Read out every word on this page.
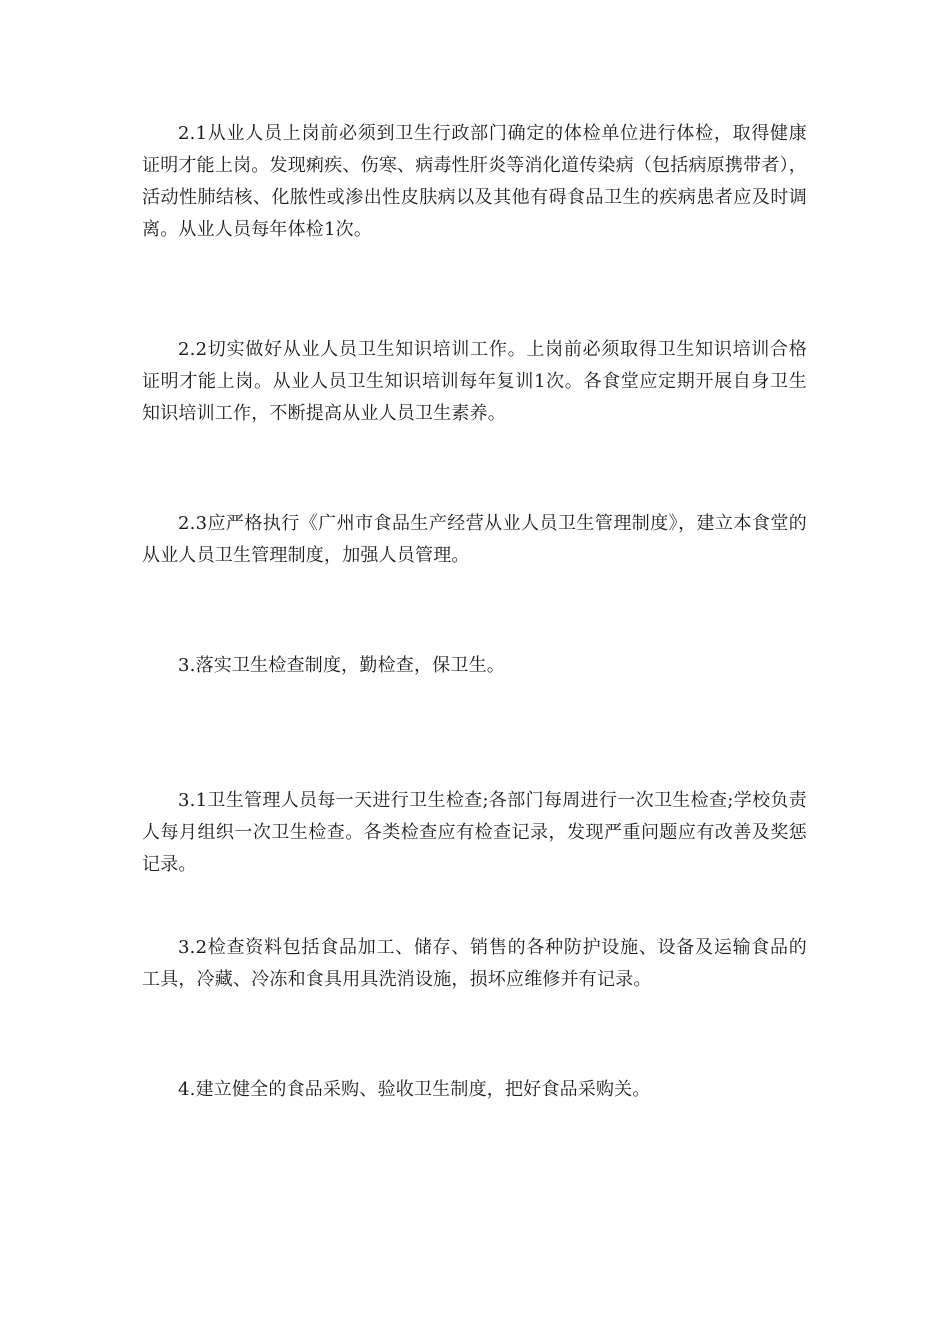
2.1从业人员上岗前必须到卫生行政部门确定的体检单位进行体检，取得健康证明才能上岗。发现痢疾、伤寒、病毒性肝炎等消化道传染病（包括病原携带者），活动性肺结核、化脓性或渗出性皮肤病以及其他有碍食品卫生的疾病患者应及时调离。从业人员每年体检1次。

2.2切实做好从业人员卫生知识培训工作。上岗前必须取得卫生知识培训合格证明才能上岗。从业人员卫生知识培训每年复训1次。各食堂应定期开展自身卫生知识培训工作，不断提高从业人员卫生素养。

2.3应严格执行《广州市食品生产经营从业人员卫生管理制度》，建立本食堂的从业人员卫生管理制度，加强人员管理。

3.落实卫生检查制度，勤检查，保卫生。

3.1卫生管理人员每一天进行卫生检查;各部门每周进行一次卫生检查;学校负责人每月组织一次卫生检查。各类检查应有检查记录，发现严重问题应有改善及奖惩记录。

3.2检查资料包括食品加工、储存、销售的各种防护设施、设备及运输食品的工具，冷藏、冷冻和食具用具洗消设施，损坏应维修并有记录。

4.建立健全的食品采购、验收卫生制度，把好食品采购关。
